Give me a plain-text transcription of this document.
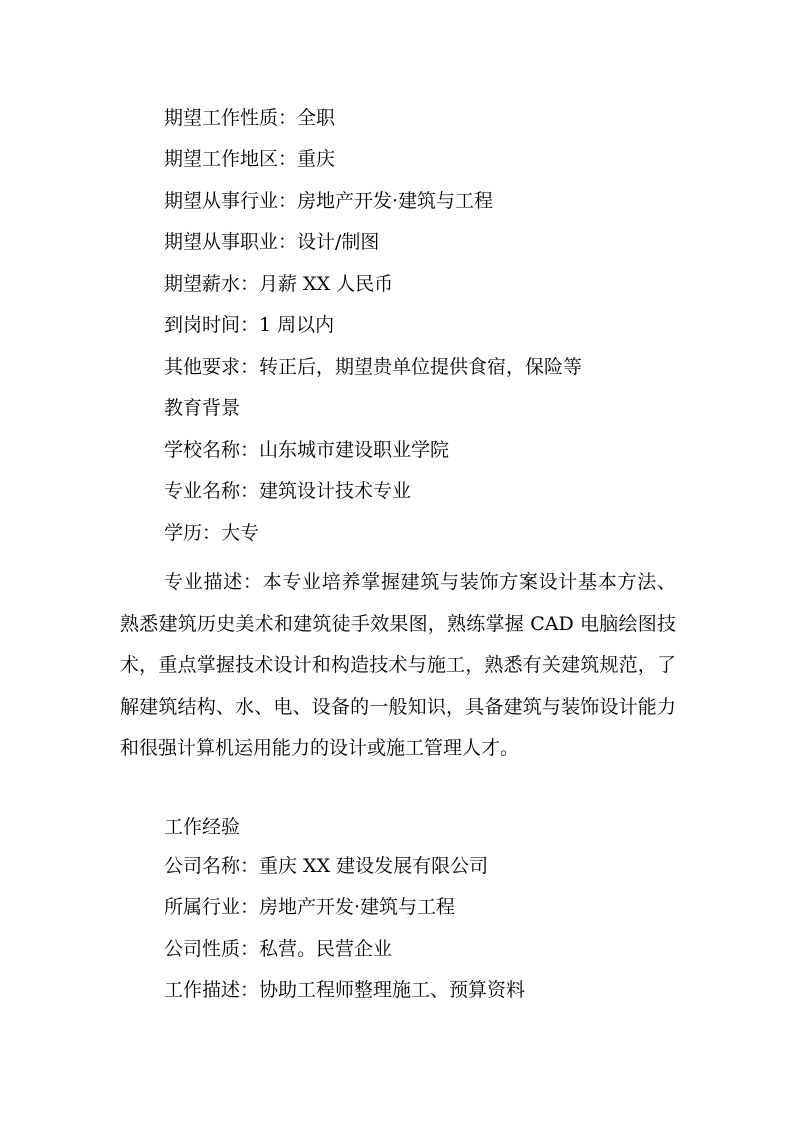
期望工作性质：全职
期望工作地区：重庆
期望从事行业：房地产开发·建筑与工程
期望从事职业：设计/制图
期望薪水：月薪 XX 人民币
到岗时间：1 周以内
其他要求：转正后，期望贵单位提供食宿，保险等
教育背景
学校名称：山东城市建设职业学院
专业名称：建筑设计技术专业
学历：大专

专业描述：本专业培养掌握建筑与装饰方案设计基本方法、熟悉建筑历史美术和建筑徒手效果图，熟练掌握 CAD 电脑绘图技术，重点掌握技术设计和构造技术与施工，熟悉有关建筑规范，了解建筑结构、水、电、设备的一般知识，具备建筑与装饰设计能力和很强计算机运用能力的设计或施工管理人才。

工作经验
公司名称：重庆 XX 建设发展有限公司
所属行业：房地产开发·建筑与工程
公司性质：私营。民营企业
工作描述：协助工程师整理施工、预算资料
